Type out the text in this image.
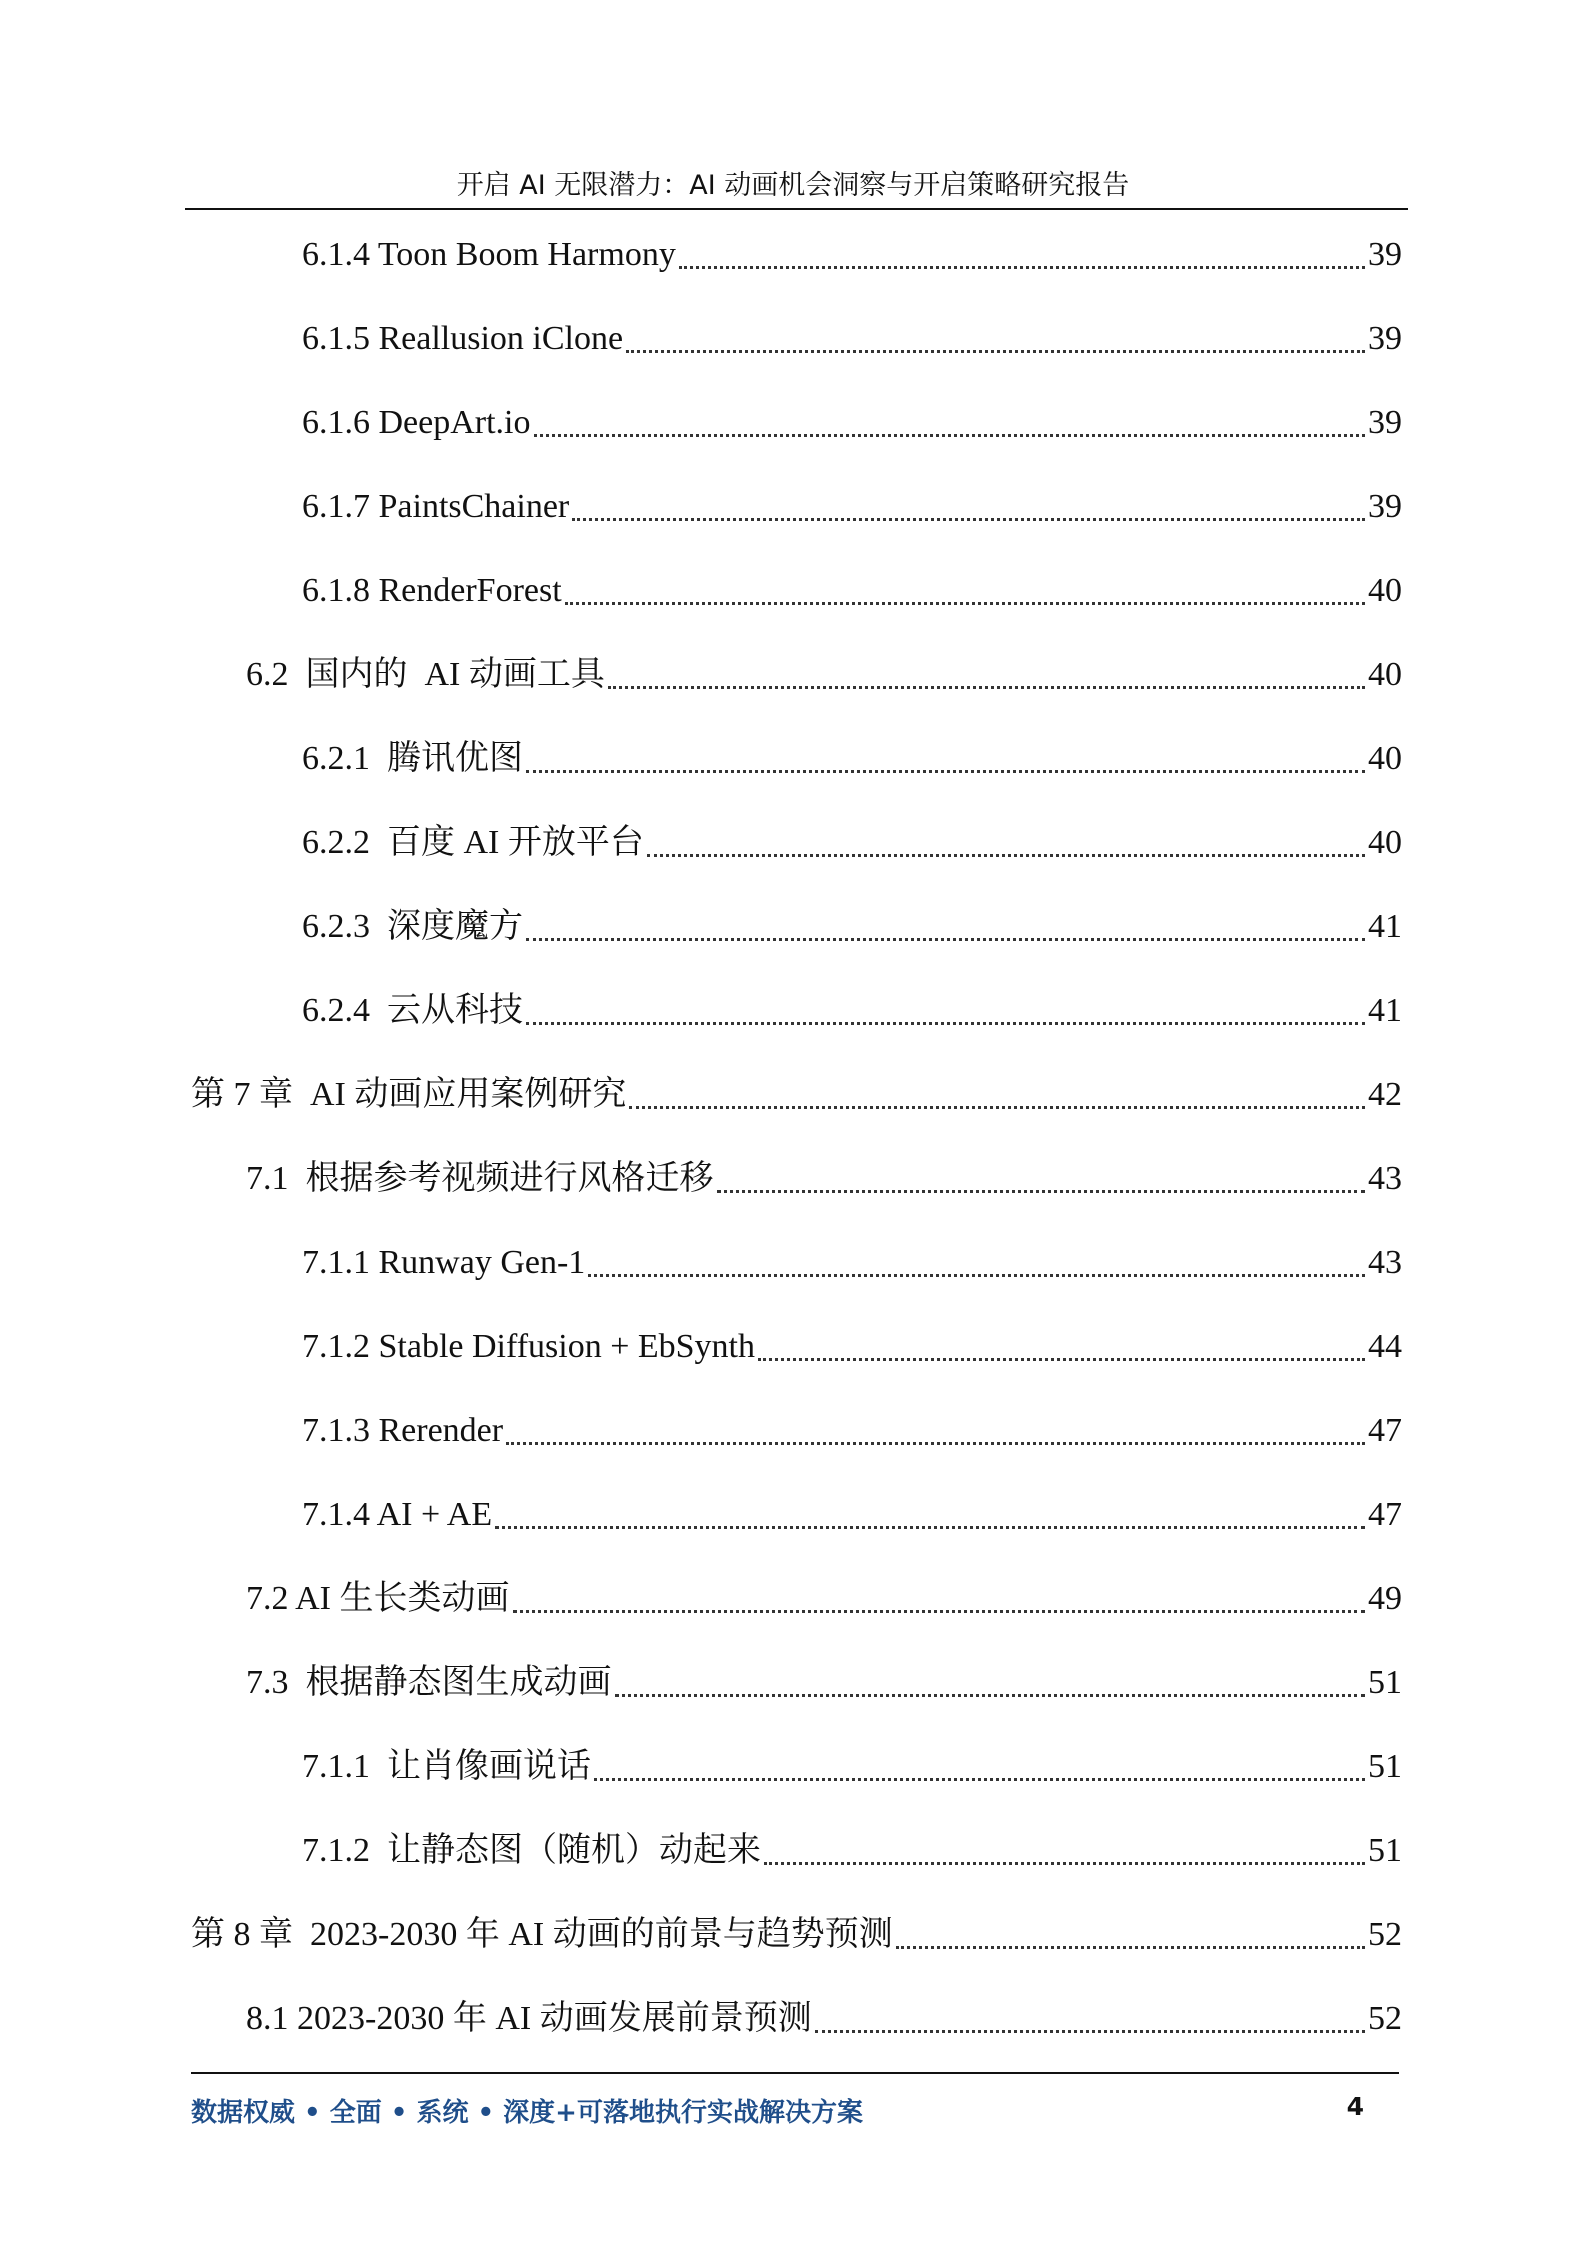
开启 AI 无限潜力：AI 动画机会洞察与开启策略研究报告
6.1.4 Toon Boom Harmony	39
6.1.5 Reallusion iClone	39
6.1.6 DeepArt.io	39
6.1.7 PaintsChainer	39
6.1.8 RenderForest	40
6.2  国内的  AI 动画工具	40
6.2.1  腾讯优图	40
6.2.2  百度 AI 开放平台	40
6.2.3  深度魔方	41
6.2.4  云从科技	41
第 7 章  AI 动画应用案例研究	42
7.1  根据参考视频进行风格迁移	43
7.1.1 Runway Gen-1	43
7.1.2 Stable Diffusion + EbSynth	44
7.1.3 Rerender	47
7.1.4 AI + AE	47
7.2 AI 生长类动画	49
7.3  根据静态图生成动画	51
7.1.1  让肖像画说话	51
7.1.2  让静态图（随机）动起来	51
第 8 章  2023-2030 年 AI 动画的前景与趋势预测	52
8.1 2023-2030 年 AI 动画发展前景预测	52
数据权威 • 全面 • 系统 • 深度+可落地执行实战解决方案	4
